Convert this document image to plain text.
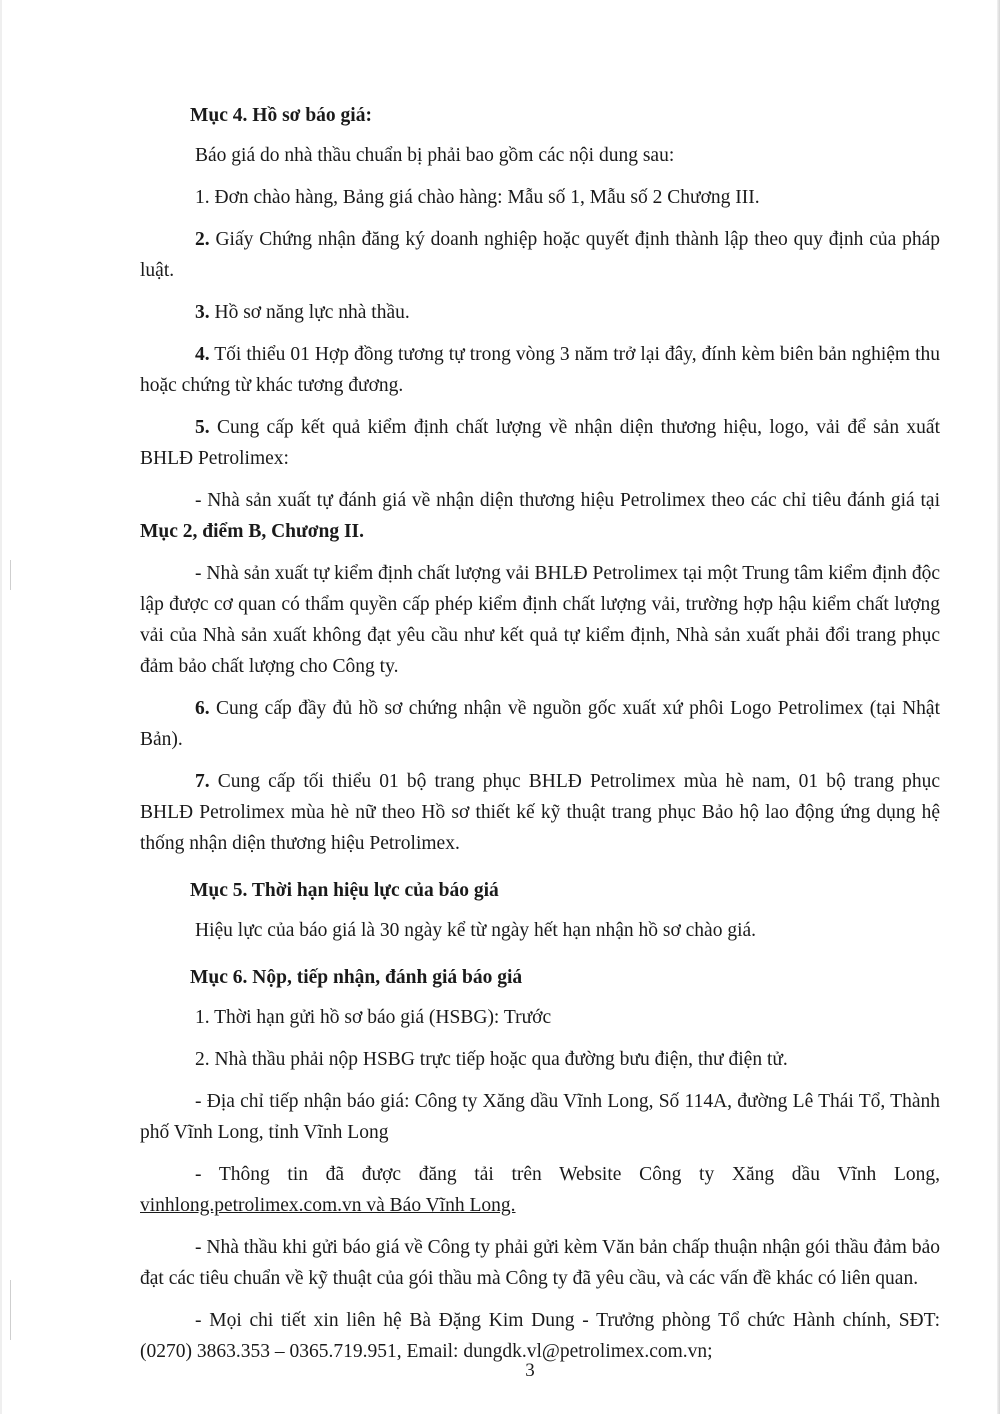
Mục 4. Hồ sơ báo giá:

Báo giá do nhà thầu chuẩn bị phải bao gồm các nội dung sau:

1. Đơn chào hàng, Bảng giá chào hàng: Mẫu số 1, Mẫu số 2 Chương III.

2. Giấy Chứng nhận đăng ký doanh nghiệp hoặc quyết định thành lập theo quy định của pháp luật.

3. Hồ sơ năng lực nhà thầu.

4. Tối thiểu 01 Hợp đồng tương tự trong vòng 3 năm trở lại đây, đính kèm biên bản nghiệm thu hoặc chứng từ khác tương đương.

5. Cung cấp kết quả kiểm định chất lượng về nhận diện thương hiệu, logo, vải để sản xuất BHLĐ Petrolimex:

- Nhà sản xuất tự đánh giá về nhận diện thương hiệu Petrolimex theo các chỉ tiêu đánh giá tại Mục 2, điểm B, Chương II.

- Nhà sản xuất tự kiểm định chất lượng vải BHLĐ Petrolimex tại một Trung tâm kiểm định độc lập được cơ quan có thẩm quyền cấp phép kiểm định chất lượng vải, trường hợp hậu kiểm chất lượng vải của Nhà sản xuất không đạt yêu cầu như kết quả tự kiểm định, Nhà sản xuất phải đổi trang phục đảm bảo chất lượng cho Công ty.

6. Cung cấp đầy đủ hồ sơ chứng nhận về nguồn gốc xuất xứ phôi Logo Petrolimex (tại Nhật Bản).

7. Cung cấp tối thiểu 01 bộ trang phục BHLĐ Petrolimex mùa hè nam, 01 bộ trang phục BHLĐ Petrolimex mùa hè nữ theo Hồ sơ thiết kế kỹ thuật trang phục Bảo hộ lao động ứng dụng hệ thống nhận diện thương hiệu Petrolimex.

Mục 5. Thời hạn hiệu lực của báo giá

Hiệu lực của báo giá là 30 ngày kể từ ngày hết hạn nhận hồ sơ chào giá.

Mục 6. Nộp, tiếp nhận, đánh giá báo giá

1. Thời hạn gửi hồ sơ báo giá (HSBG): Trước

2. Nhà thầu phải nộp HSBG trực tiếp hoặc qua đường bưu điện, thư điện tử.

- Địa chỉ tiếp nhận báo giá: Công ty Xăng dầu Vĩnh Long, Số 114A, đường Lê Thái Tổ, Thành phố Vĩnh Long, tỉnh Vĩnh Long

- Thông tin đã được đăng tải trên Website Công ty Xăng dầu Vĩnh Long, vinhlong.petrolimex.com.vn và Báo Vĩnh Long.

- Nhà thầu khi gửi báo giá về Công ty phải gửi kèm Văn bản chấp thuận nhận gói thầu đảm bảo đạt các tiêu chuẩn về kỹ thuật của gói thầu mà Công ty đã yêu cầu, và các vấn đề khác có liên quan.

- Mọi chi tiết xin liên hệ Bà Đặng Kim Dung - Trưởng phòng Tổ chức Hành chính, SĐT: (0270) 3863.353 – 0365.719.951, Email: dungdk.vl@petrolimex.com.vn;

3
